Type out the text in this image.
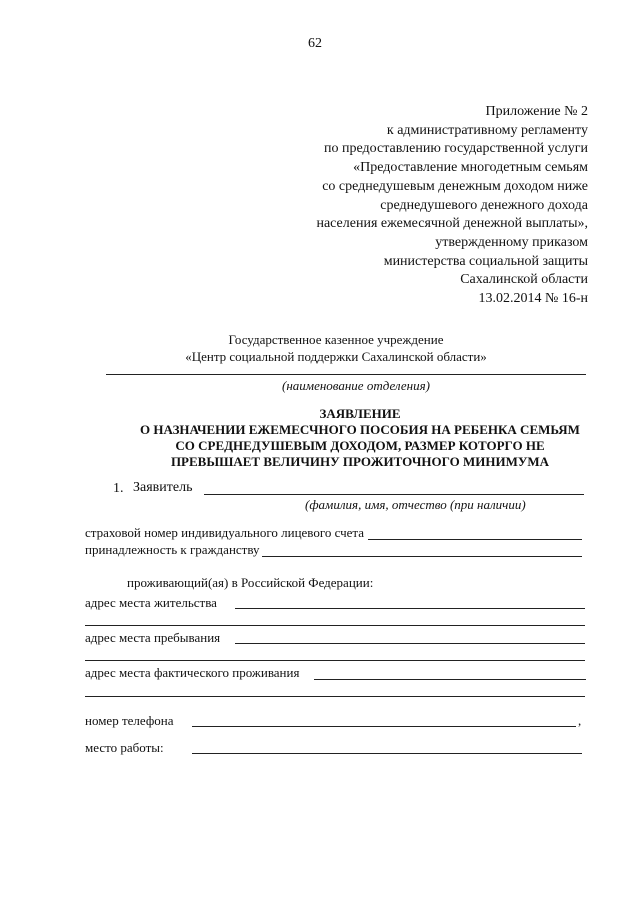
62
Приложение № 2
к административному регламенту
по предоставлению государственной услуги
«Предоставление многодетным семьям
со среднедушевым денежным доходом ниже
среднедушевого денежного дохода
населения ежемесячной денежной выплаты»,
утвержденному приказом
министерства социальной защиты
Сахалинской области
13.02.2014 № 16-н
Государственное казенное учреждение
«Центр социальной поддержки Сахалинской области»
(наименование отделения)
ЗАЯВЛЕНИЕ
О НАЗНАЧЕНИИ ЕЖЕМЕСЧНОГО ПОСОБИЯ НА РЕБЕНКА СЕМЬЯМ
СО СРЕДНЕДУШЕВЫМ ДОХОДОМ, РАЗМЕР КОТОРГО НЕ
ПРЕВЫШАЕТ ВЕЛИЧИНУ ПРОЖИТОЧНОГО МИНИМУМА
1. Заявитель
(фамилия, имя, отчество (при наличии)
страховой номер индивидуального лицевого счета
принадлежность к гражданству
проживающий(ая) в Российской Федерации:
адрес места жительства
адрес места пребывания
адрес места фактического проживания
номер телефона	,
место работы:
